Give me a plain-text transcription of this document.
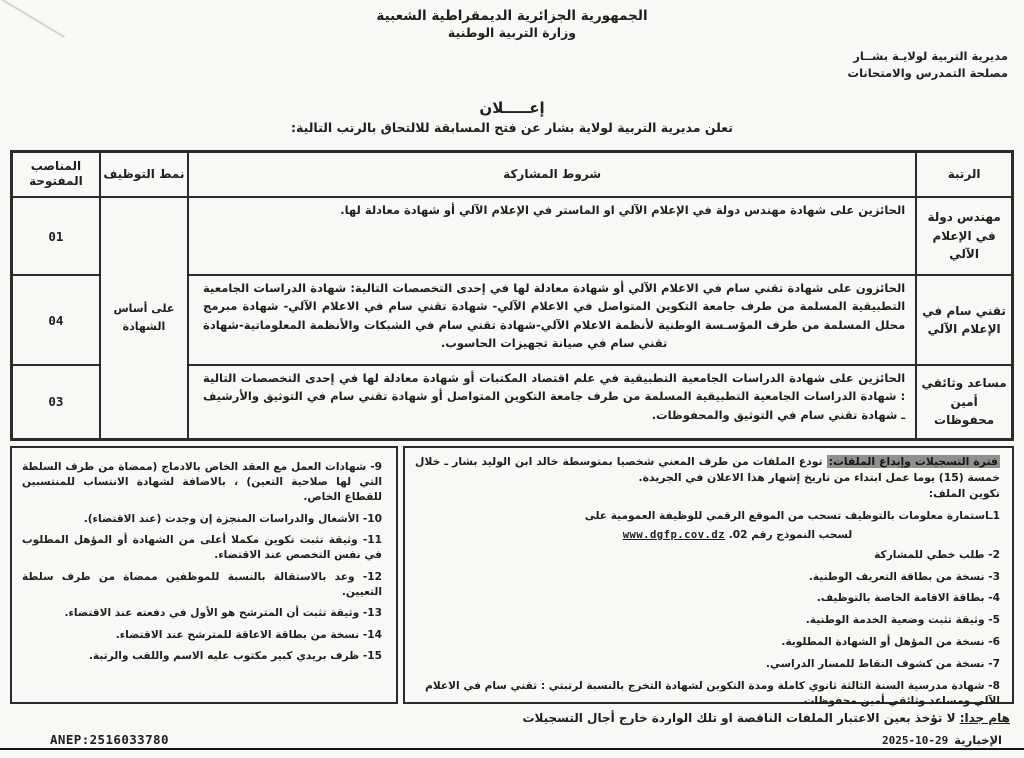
الجمهورية الجزائرية الديمقراطية الشعبية
وزارة التربية الوطنية
مديرية التربية لولايـة بشــار
مصلحة التمدرس والامتحانات
إعـــــلان
تعلن مديرية التربية لولاية بشار عن فتح المسابقة للالتحاق بالرتب التالية:
الرتبة	شروط المشاركة	نمط التوظيف	المناصب المفتوحة
مهندس دولة في الإعلام الآلي	الحائزين على شهادة مهندس دولة في الإعلام الآلي او الماستر في الإعلام الآلي أو شهادة معادلة لها.	على أساس الشهادة	01
تقني سام في الإعلام الآلي	الحائزون على شهادة تقني سام في الاعلام الآلي أو شهادة معادلة لها في إحدى التخصصات التالية: شهادة الدراسات الجامعية التطبيقية المسلمة من طرف جامعة التكوين المتواصل في الاعلام الآلي- شهادة تقني سام في الاعلام الآلي- شهادة مبرمج محلل المسلمة من طرف المؤسـسة الوطنية لأنظمة الاعلام الآلي-شهادة تقني سام في الشبكات والأنظمة المعلوماتية-شهادة تقني سام في صيانة تجهيزات الحاسوب.		04
مساعد وثائقي أمين محفوظات	الحائزين على شهادة الدراسات الجامعية التطبيقية في علم اقتصاد المكتبات أو شهادة معادلة لها في إحدى التخصصات التالية : شهادة الدراسات الجامعية التطبيقية المسلمة من طرف جامعة التكوين المتواصل أو شهادة تقني سام في التوثيق والأرشيف ـ شهادة تقني سام في التوثيق والمحفوظات.		03
فترة التسجيلات وإيداع الملفات: تودع الملفات من طرف المعني شخصيا بمتوسطة خالد ابن الوليد بشار ـ خلال خمسة (15) يوما عمل ابتداء من تاريخ إشهار هذا الاعلان في الجريدة.
تكوين الملف:
1ـاستمارة معلومات بالتوظيف تسحب من الموقع الرقمي للوظيفة العمومية على
لسحب النموذج رقم 02. www.dgfp.cov.dz
2- طلب خطي للمشاركة
3- نسخة من بطاقة التعريف الوطنية.
4- بطاقة الاقامة الخاصة بالتوظيف.
5- وثيقة تثبت وضعية الخدمة الوطنية.
6- نسخة من المؤهل أو الشهادة المطلوبة.
7- نسخة من كشوف النقاط للمسار الدراسي.
8- شهادة مدرسية السنة الثالثة ثانوي كاملة ومدة التكوين لشهادة التخرج بالنسبة لرتبتي : تقني سام في الاعلام الآلي ومساعد وثائقي أمين محفوظات.
9- شهادات العمل مع العقد الخاص بالادماج (ممضاة من طرف السلطة التي لها صلاحية التعين) ، بالاضافة لشهادة الانتساب للمنتسبين للقطاع الخاص.
10- الأشغال والدراسات المنجزة إن وجدت (عند الاقتضاء).
11- وثيقة تثبت تكوين مكملا أعلى من الشهادة أو المؤهل المطلوب في نفس التخصص عند الاقتضاء.
12- وعد بالاستقالة بالنسبة للموظفين ممضاة من طرف سلطة التعيين.
13- وثيقة تثبت أن المترشح هو الأول في دفعته عند الاقتضاء.
14- نسخة من بطاقة الاعاقة للمترشح عند الاقتضاء.
15- ظرف بريدي كبير مكتوب عليه الاسم واللقب والرتبة.
هام جدا: لا تؤخذ بعين الاعتبار الملفات الناقصة او تلك الواردة خارج أجال التسجيلات
ANEP:2516033780	الإخبارية
2025-10-29
